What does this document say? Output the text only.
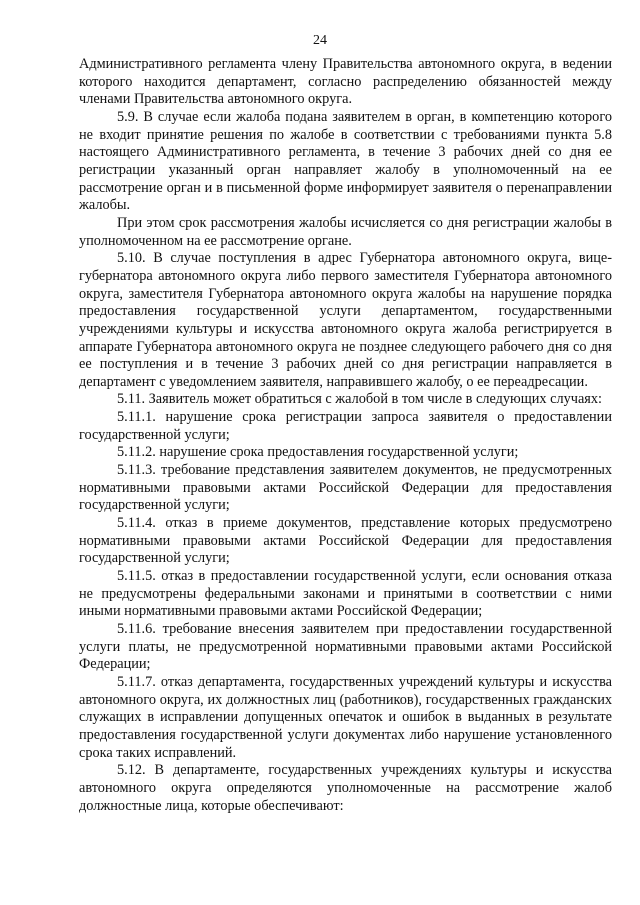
24

Административного регламента члену Правительства автономного округа, в ведении которого находится департамент, согласно распределению обязанностей между членами Правительства автономного округа.

5.9. В случае если жалоба подана заявителем в орган, в компетенцию которого не входит принятие решения по жалобе в соответствии с требованиями пункта 5.8 настоящего Административного регламента, в течение 3 рабочих дней со дня ее регистрации указанный орган направляет жалобу в уполномоченный на ее рассмотрение орган и в письменной форме информирует заявителя о перенаправлении жалобы.

При этом срок рассмотрения жалобы исчисляется со дня регистрации жалобы в уполномоченном на ее рассмотрение органе.

5.10. В случае поступления в адрес Губернатора автономного округа, вице-губернатора автономного округа либо первого заместителя Губернатора автономного округа, заместителя Губернатора автономного округа жалобы на нарушение порядка предоставления государственной услуги департаментом, государственными учреждениями культуры и искусства автономного округа жалоба регистрируется в аппарате Губернатора автономного округа не позднее следующего рабочего дня со дня ее поступления и в течение 3 рабочих дней со дня регистрации направляется в департамент с уведомлением заявителя, направившего жалобу, о ее переадресации.

5.11. Заявитель может обратиться с жалобой в том числе в следующих случаях:

5.11.1. нарушение срока регистрации запроса заявителя о предоставлении государственной услуги;

5.11.2. нарушение срока предоставления государственной услуги;

5.11.3. требование представления заявителем документов, не предусмотренных нормативными правовыми актами Российской Федерации для предоставления государственной услуги;

5.11.4. отказ в приеме документов, представление которых предусмотрено нормативными правовыми актами Российской Федерации для предоставления государственной услуги;

5.11.5. отказ в предоставлении государственной услуги, если основания отказа не предусмотрены федеральными законами и принятыми в соответствии с ними иными нормативными правовыми актами Российской Федерации;

5.11.6. требование внесения заявителем при предоставлении государственной услуги платы, не предусмотренной нормативными правовыми актами Российской Федерации;

5.11.7. отказ департамента, государственных учреждений культуры и искусства автономного округа, их должностных лиц (работников), государственных гражданских служащих в исправлении допущенных опечаток и ошибок в выданных в результате предоставления государственной услуги документах либо нарушение установленного срока таких исправлений.

5.12. В департаменте, государственных учреждениях культуры и искусства автономного округа определяются уполномоченные на рассмотрение жалоб должностные лица, которые обеспечивают:
